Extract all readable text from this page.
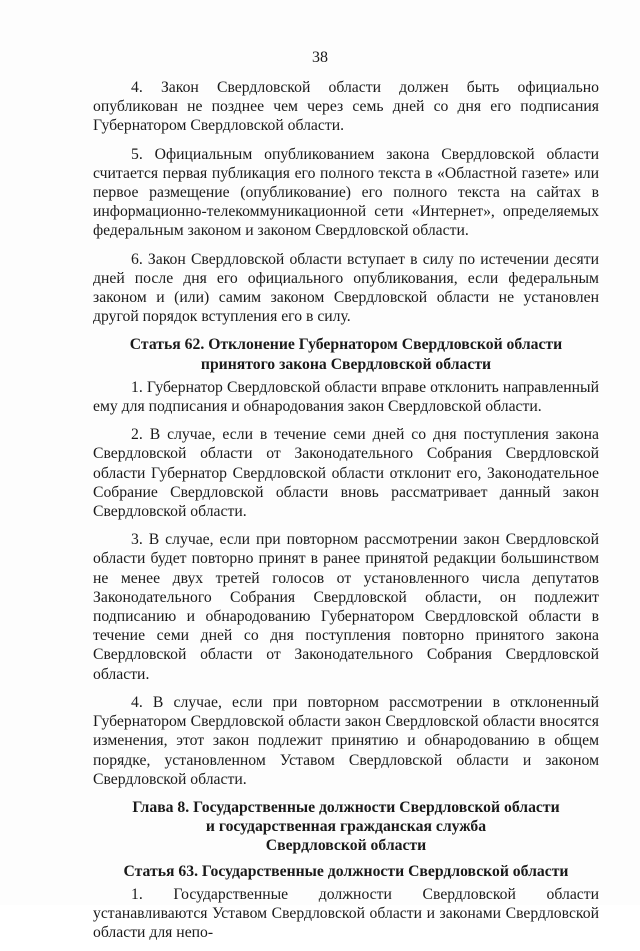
38

4. Закон Свердловской области должен быть официально опубликован не позднее чем через семь дней со дня его подписания Губернатором Свердловской области.

5. Официальным опубликованием закона Свердловской области считается первая публикация его полного текста в «Областной газете» или первое размещение (опубликование) его полного текста на сайтах в информационно-телекоммуникационной сети «Интернет», определяемых федеральным законом и законом Свердловской области.

6. Закон Свердловской области вступает в силу по истечении десяти дней после дня его официального опубликования, если федеральным законом и (или) самим законом Свердловской области не установлен другой порядок вступления его в силу.

Статья 62. Отклонение Губернатором Свердловской области
принятого закона Свердловской области

1. Губернатор Свердловской области вправе отклонить направленный ему для подписания и обнародования закон Свердловской области.

2. В случае, если в течение семи дней со дня поступления закона Свердловской области от Законодательного Собрания Свердловской области Губернатор Свердловской области отклонит его, Законодательное Собрание Свердловской области вновь рассматривает данный закон Свердловской области.

3. В случае, если при повторном рассмотрении закон Свердловской области будет повторно принят в ранее принятой редакции большинством не менее двух третей голосов от установленного числа депутатов Законодательного Собрания Свердловской области, он подлежит подписанию и обнародованию Губернатором Свердловской области в течение семи дней со дня поступления повторно принятого закона Свердловской области от Законодательного Собрания Свердловской области.

4. В случае, если при повторном рассмотрении в отклоненный Губернатором Свердловской области закон Свердловской области вносятся изменения, этот закон подлежит принятию и обнародованию в общем порядке, установленном Уставом Свердловской области и законом Свердловской области.

Глава 8. Государственные должности Свердловской области
и государственная гражданская служба
Свердловской области
Статья 63. Государственные должности Свердловской области

1. Государственные должности Свердловской области устанавливаются Уставом Свердловской области и законами Свердловской области для непо-
